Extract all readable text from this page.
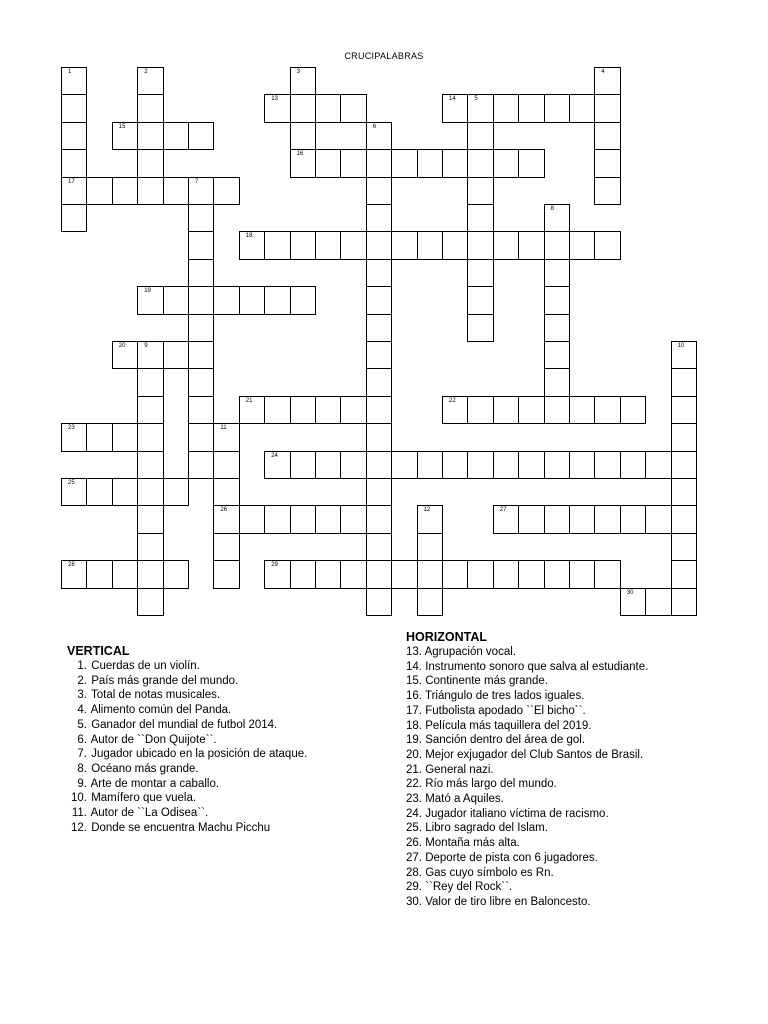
CRUCIPALABRAS
1	2	3	4
5
6
7
8
9	10
11
12
13	14
15
16
17
18
19
20
21	22
23
24
25
26	27
28	29
30
VERTICAL
1. Cuerdas de un violín.
2. País más grande del mundo.
3. Total de notas musicales.
4. Alimento común del Panda.
5. Ganador del mundial de futbol 2014.
6. Autor de ``Don Quijote``.
7. Jugador ubicado en la posición de ataque.
8. Océano más grande.
9. Arte de montar a caballo.
10. Mamífero que vuela.
11. Autor de ``La Odisea``.
12. Donde se encuentra Machu Picchu
HORIZONTAL
13. Agrupación vocal.
14. Instrumento sonoro que salva al estudiante.
15. Continente más grande.
16. Triángulo de tres lados iguales.
17. Futbolista apodado ``El bicho``.
18. Película más taquillera del 2019.
19. Sanción dentro del área de gol.
20. Mejor exjugador del Club Santos de Brasil.
21. General nazi.
22. Río más largo del mundo.
23. Mató a Aquiles.
24. Jugador italiano víctima de racismo.
25. Libro sagrado del Islam.
26. Montaña más alta.
27. Deporte de pista con 6 jugadores.
28. Gas cuyo símbolo es Rn.
29. ``Rey del Rock``.
30. Valor de tiro libre en Baloncesto.
